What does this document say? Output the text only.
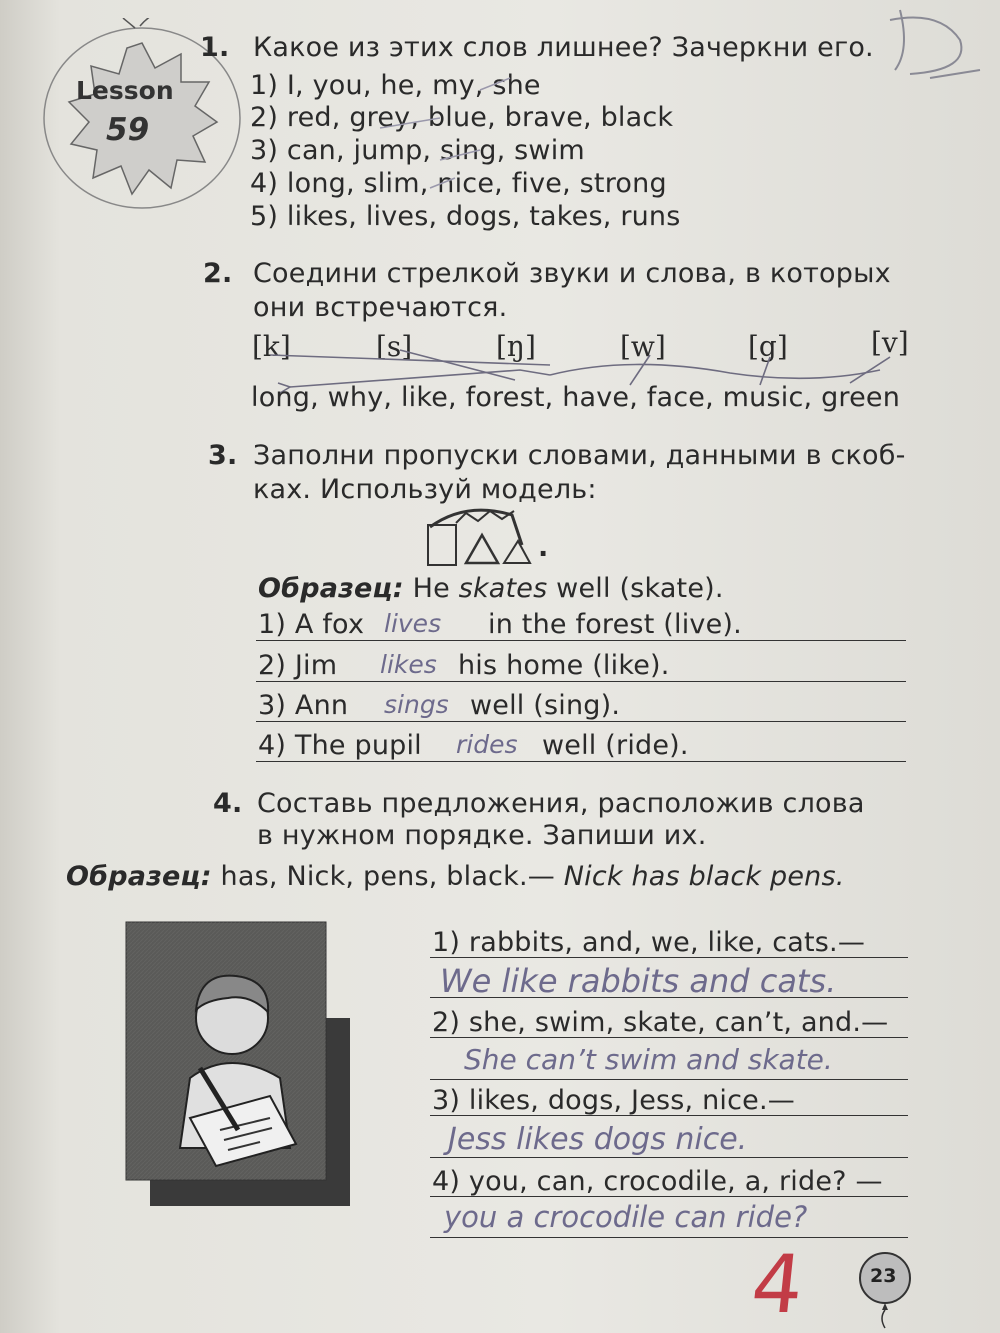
Lesson
59
1. Какое из этих слов лишнее? Зачеркни его.
1) I, you, he, my, she
2) red, grey, blue, brave, black
3) can, jump, sing, swim
4) long, slim, nice, five, strong
5) likes, lives, dogs, takes, runs
2. Соедини стрелкой звуки и слова, в которых
они встречаются.
[k]	[s]	[ŋ]	[w]	[g]	[v]
long, why, like, forest, have, face, music, green
3. Заполни пропуски словами, данными в скоб-
ках. Используй модель:
.
Образец: He skates well (skate).
1) A fox lives in the forest (live).
2) Jim likes his home (like).
3) Ann sings well (sing).
4) The pupil rides well (ride).
4. Составь предложения, расположив слова
в нужном порядке. Запиши их.
Образец: has, Nick, pens, black.— Nick has black pens.
1) rabbits, and, we, like, cats.—
We like rabbits and cats.
2) she, swim, skate, can’t, and.—
She can’t swim and skate.
3) likes, dogs, Jess, nice.—
Jess likes dogs nice.
4) you, can, crocodile, a, ride? —
you a crocodile can ride?
4	23
